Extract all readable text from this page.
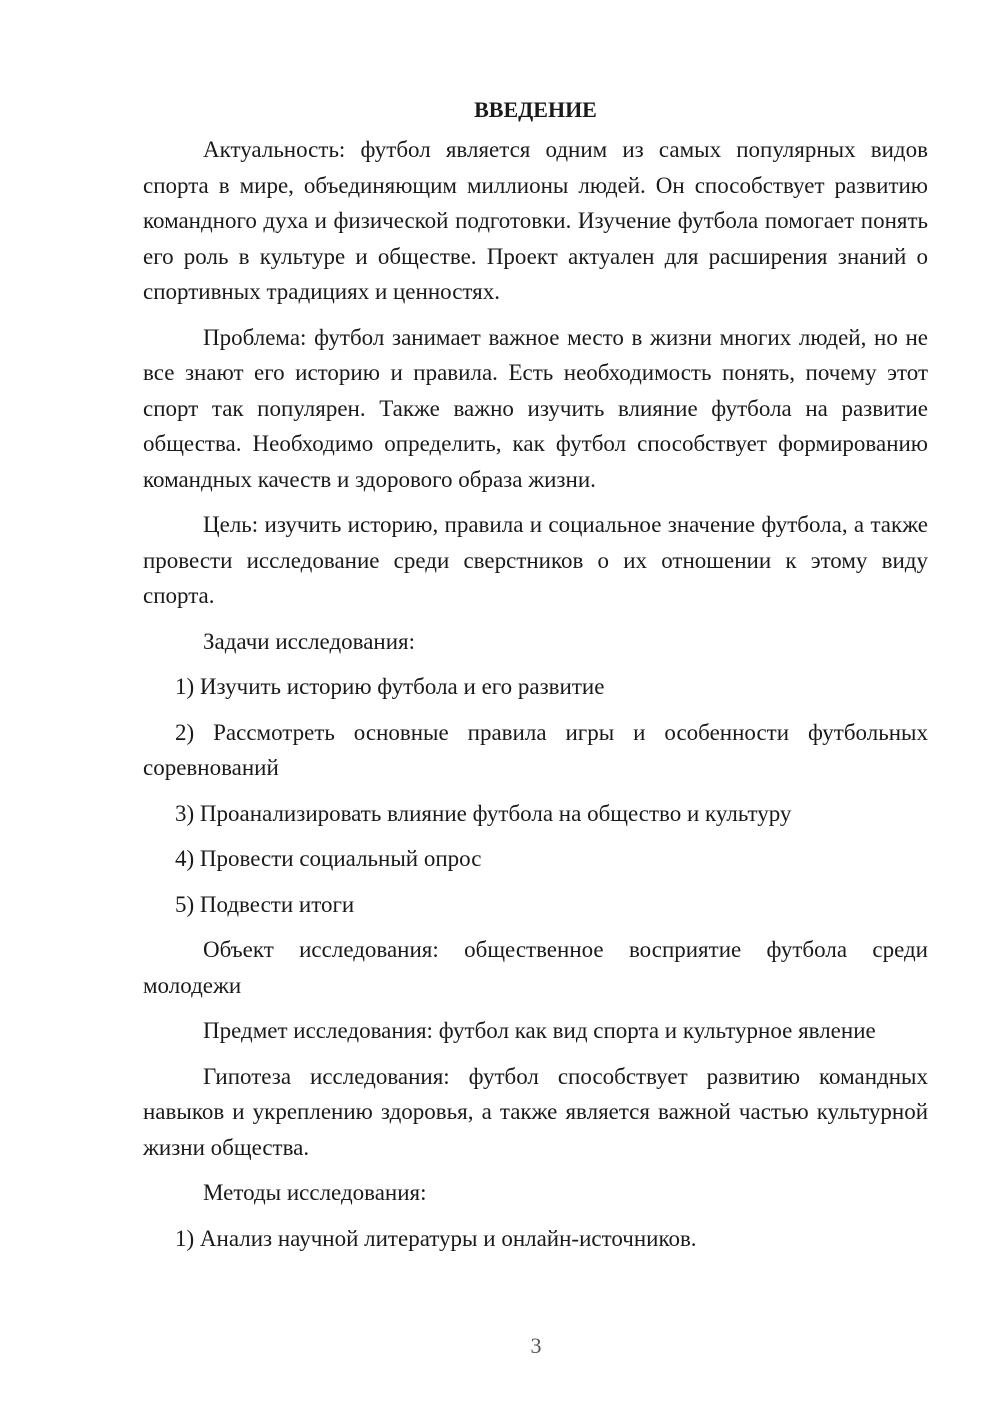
ВВЕДЕНИЕ

Актуальность: футбол является одним из самых популярных видов спорта в мире, объединяющим миллионы людей. Он способствует развитию командного духа и физической подготовки. Изучение футбола помогает понять его роль в культуре и обществе. Проект актуален для расширения знаний о спортивных традициях и ценностях.

Проблема: футбол занимает важное место в жизни многих людей, но не все знают его историю и правила. Есть необходимость понять, почему этот спорт так популярен. Также важно изучить влияние футбола на развитие общества. Необходимо определить, как футбол способствует формированию командных качеств и здорового образа жизни.

Цель: изучить историю, правила и социальное значение футбола, а также провести исследование среди сверстников о их отношении к этому виду спорта.

Задачи исследования:

1) Изучить историю футбола и его развитие

2) Рассмотреть основные правила игры и особенности футбольных соревнований

3) Проанализировать влияние футбола на общество и культуру

4) Провести социальный опрос

5) Подвести итоги

Объект исследования: общественное восприятие футбола среди молодежи

Предмет исследования: футбол как вид спорта и культурное явление

Гипотеза исследования: футбол способствует развитию командных навыков и укреплению здоровья, а также является важной частью культурной жизни общества.

Методы исследования:

1) Анализ научной литературы и онлайн-источников.

3
